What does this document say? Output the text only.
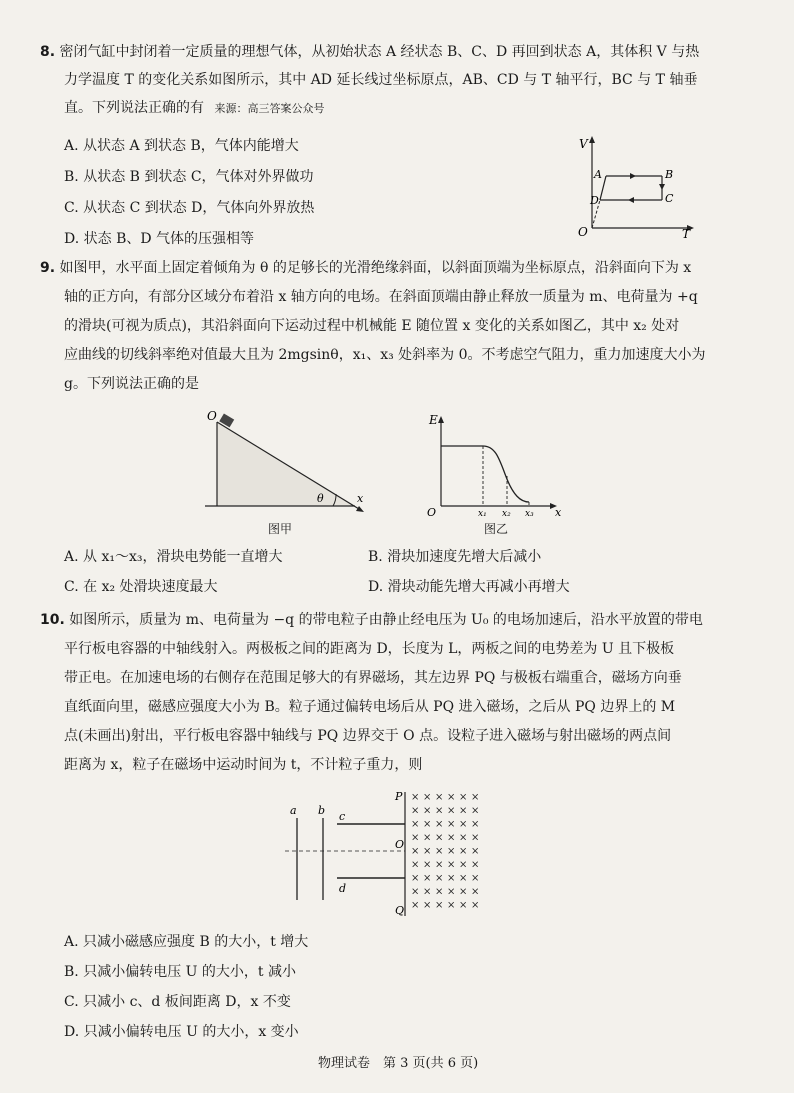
8. 密闭气缸中封闭着一定质量的理想气体，从初始状态 A 经状态 B、C、D 再回到状态 A，其体积 V 与热
力学温度 T 的变化关系如图所示，其中 AD 延长线过坐标原点，AB、CD 与 T 轴平行，BC 与 T 轴垂
直。下列说法正确的有 来源：高三答案公众号
A. 从状态 A 到状态 B，气体内能增大
B. 从状态 B 到状态 C，气体对外界做功
C. 从状态 C 到状态 D，气体向外界放热
D. 状态 B、D 气体的压强相等
V
T
O
A	B
C
D
9. 如图甲，水平面上固定着倾角为 θ 的足够长的光滑绝缘斜面，以斜面顶端为坐标原点，沿斜面向下为 x
轴的正方向，有部分区域分布着沿 x 轴方向的电场。在斜面顶端由静止释放一质量为 m、电荷量为 +q
的滑块(可视为质点)，其沿斜面向下运动过程中机械能 E 随位置 x 变化的关系如图乙，其中 x₂ 处对
应曲线的切线斜率绝对值最大且为 2mgsinθ，x₁、x₃ 处斜率为 0。不考虑空气阻力，重力加速度大小为
g。下列说法正确的是
O
θ	x
图甲
E
x
O	x₁ x₂ x₃
图乙
A. 从 x₁～x₃，滑块电势能一直增大	B. 滑块加速度先增大后减小
C. 在 x₂ 处滑块速度最大	D. 滑块动能先增大再减小再增大
10. 如图所示，质量为 m、电荷量为 −q 的带电粒子由静止经电压为 U₀ 的电场加速后，沿水平放置的带电
平行板电容器的中轴线射入。两极板之间的距离为 D，长度为 L，两板之间的电势差为 U 且下极板
带正电。在加速电场的右侧存在范围足够大的有界磁场，其左边界 PQ 与极板右端重合，磁场方向垂
直纸面向里，磁感应强度大小为 B。粒子通过偏转电场后从 PQ 进入磁场，之后从 PQ 边界上的 M
点(未画出)射出，平行板电容器中轴线与 PQ 边界交于 O 点。设粒子进入磁场与射出磁场的两点间
距离为 x，粒子在磁场中运动时间为 t，不计粒子重力，则
a b c
d
P
O
Q
× × × × × ×
× × × × × ×
× × × × × ×
× × × × × ×
× × × × × ×
× × × × × ×
× × × × × ×
× × × × × ×
× × × × × ×
A. 只减小磁感应强度 B 的大小，t 增大
B. 只减小偏转电压 U 的大小，t 减小
C. 只减小 c、d 板间距离 D，x 不变
D. 只减小偏转电压 U 的大小，x 变小
物理试卷　第 3 页(共 6 页)
